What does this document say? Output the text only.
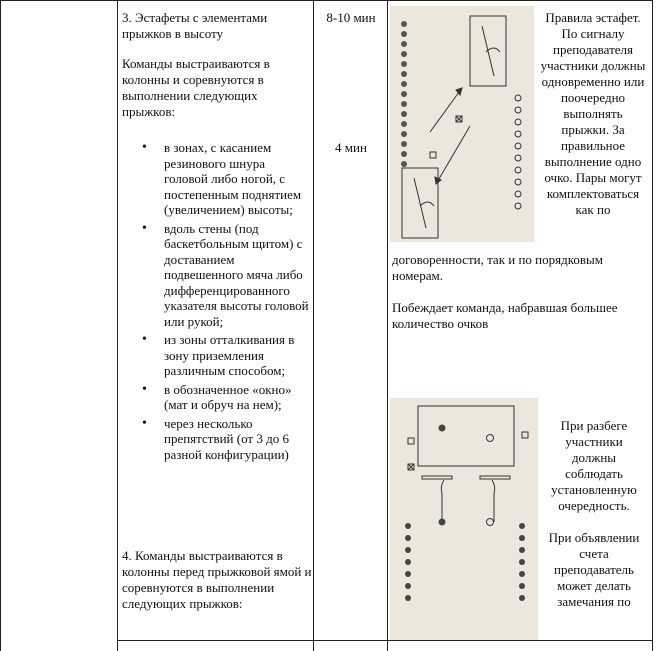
3. Эстафеты с элементами прыжков в высоту
Команды выстраиваются в колонны и соревнуются в выполнении следующих прыжков:
• в зонах, с касанием резинового шнура головой либо ногой, с постепенным поднятием (увеличением) высоты;
• вдоль стены (под баскетбольным щитом) с доставанием подвешенного мяча либо дифференцированного указателя высоты головой или рукой;
• из зоны отталкивания в зону приземления различным способом;
• в обозначенное «окно» (мат и обруч на нем);
• через несколько препятствий (от 3 до 6 разной конфигурации)
4. Команды выстраиваются в колонны перед прыжковой ямой и соревнуются в выполнении следующих прыжков:
8-10 мин
4 мин
Правила эстафет. По сигналу преподавателя участники должны одновременно или поочередно выполнять прыжки. За правильное выполнение одно очко. Пары могут комплектоваться как по
договоренности, так и по порядковым номерам.
Побеждает команда, набравшая большее количество очков
При разбеге участники должны соблюдать установленную очередность.
При объявлении счета преподаватель может делать замечания по
